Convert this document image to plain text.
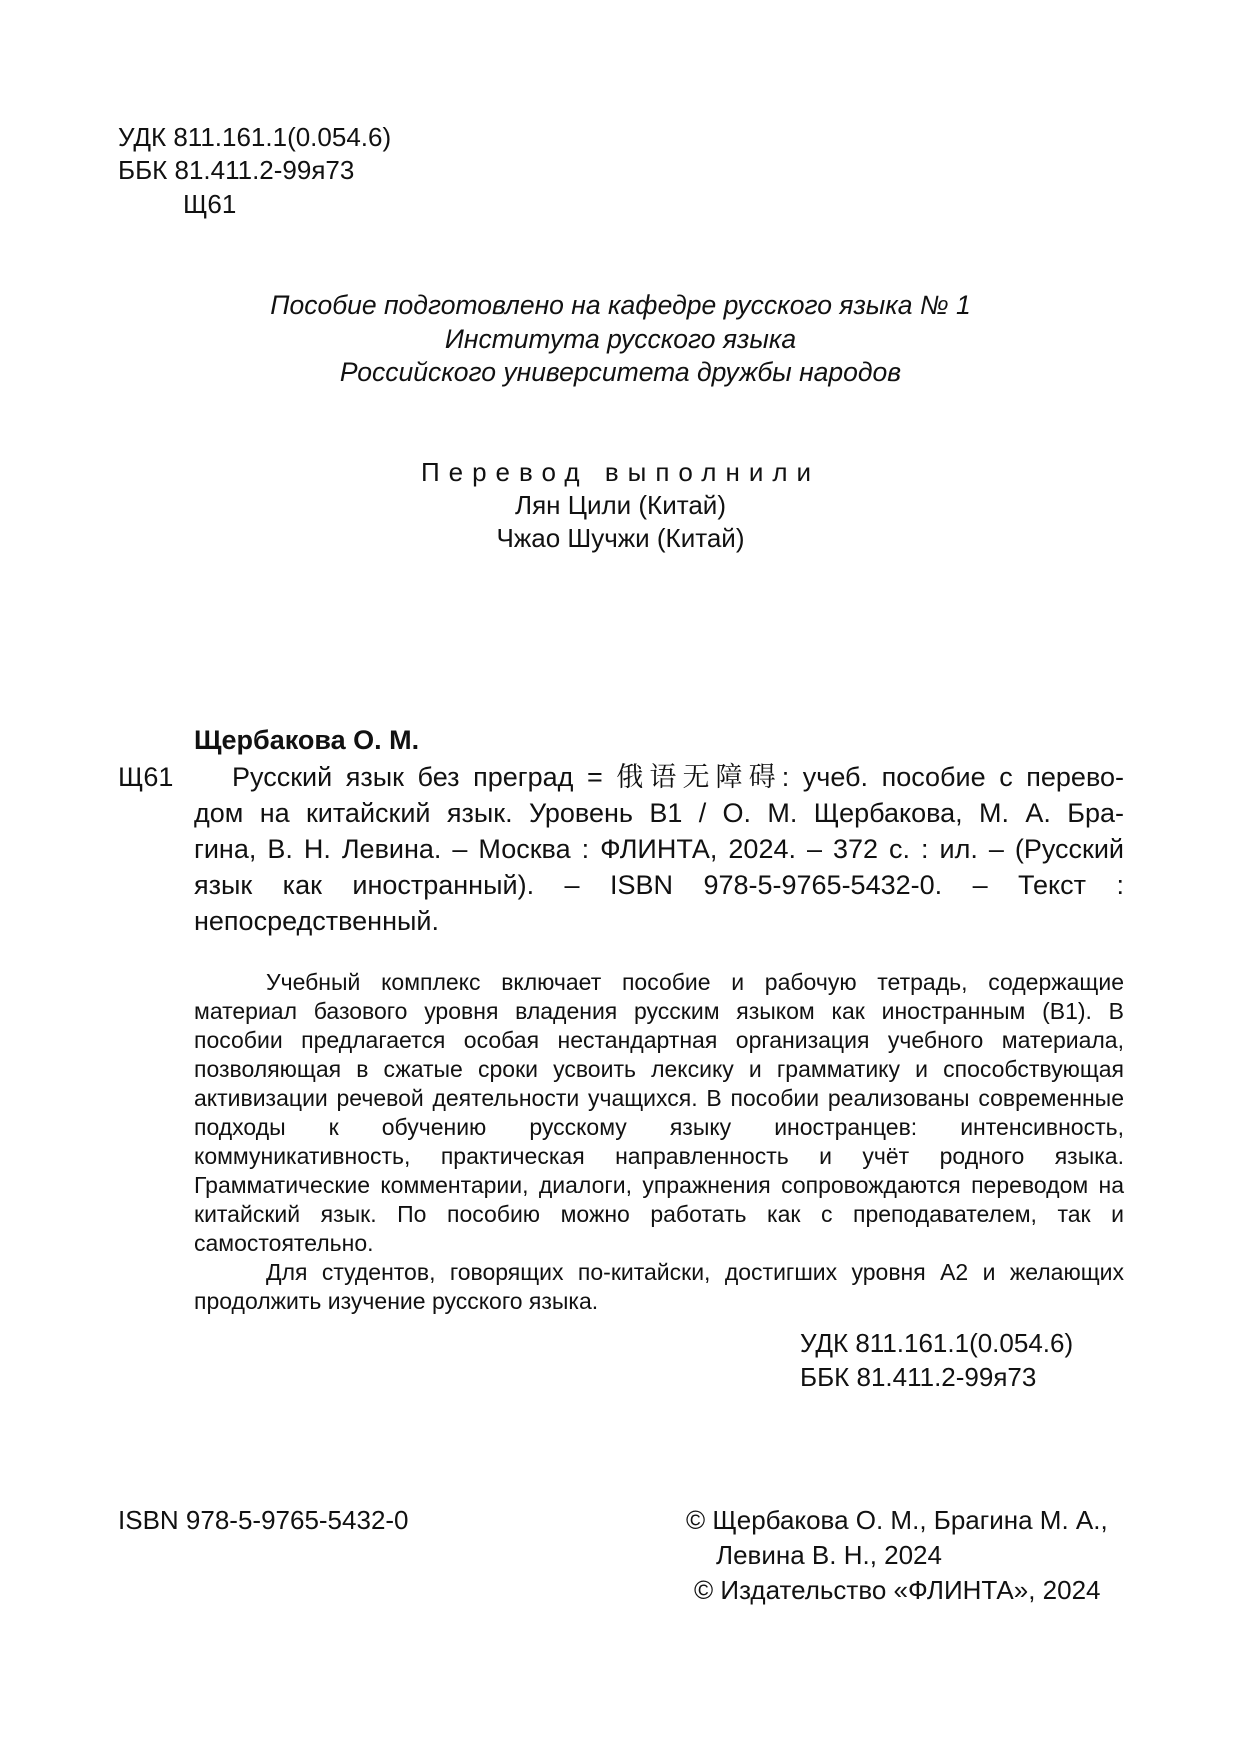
УДК 811.161.1(0.054.6)
ББК 81.411.2-99я73
Щ61
Пособие подготовлено на кафедре русского языка № 1
Института русского языка
Российского университета дружбы народов
Перевод выполнили
Лян Цили (Китай)
Чжао Шучжи (Китай)
Щербакова О. М.
Щ61 Русский язык без преград = 俄语无障碍: учеб. пособие с перево-
дом на китайский язык. Уровень В1 / О. М. Щербакова, М. А. Бра-
гина, В. Н. Левина. – Москва : ФЛИНТА, 2024. – 372 с. : ил. – (Русский
язык как иностранный). – ISBN 978-5-9765-5432-0. – Текст :
непосредственный.

Учебный комплекс включает пособие и рабочую тетрадь, содержащие материал базового уровня владения русским языком как иностранным (В1). В пособии предлагается особая нестандартная организация учебного материала, позволяющая в сжатые сроки усвоить лексику и грамматику и способствующая активизации речевой деятельности учащихся. В пособии реализованы современные подходы к обучению русскому языку иностранцев: интенсивность, коммуникативность, практическая направленность и учёт родного языка. Грамматические комментарии, диалоги, упражнения сопровождаются переводом на китайский язык. По пособию можно работать как с преподавателем, так и самостоятельно.

Для студентов, говорящих по-китайски, достигших уровня А2 и желающих продолжить изучение русского языка.

УДК 811.161.1(0.054.6)
ББК 81.411.2-99я73
ISBN 978-5-9765-5432-0	© Щербакова О. М., Брагина М. А.,
Левина В. Н., 2024
© Издательство «ФЛИНТА», 2024
